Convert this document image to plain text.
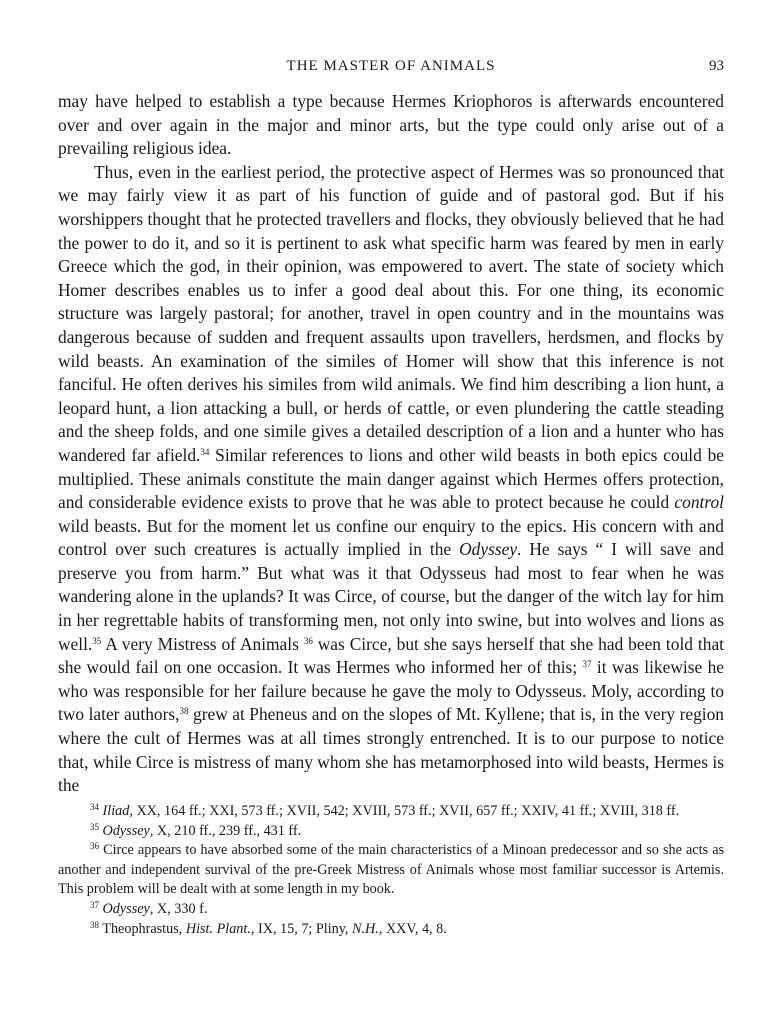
THE MASTER OF ANIMALS	93

may have helped to establish a type because Hermes Kriophoros is afterwards encountered over and over again in the major and minor arts, but the type could only arise out of a prevailing religious idea.

Thus, even in the earliest period, the protective aspect of Hermes was so pronounced that we may fairly view it as part of his function of guide and of pastoral god. But if his worshippers thought that he protected travellers and flocks, they obviously believed that he had the power to do it, and so it is pertinent to ask what specific harm was feared by men in early Greece which the god, in their opinion, was empowered to avert. The state of society which Homer describes enables us to infer a good deal about this. For one thing, its economic structure was largely pastoral; for another, travel in open country and in the mountains was dangerous because of sudden and frequent assaults upon travellers, herdsmen, and flocks by wild beasts. An examination of the similes of Homer will show that this inference is not fanciful. He often derives his similes from wild animals. We find him describing a lion hunt, a leopard hunt, a lion attacking a bull, or herds of cattle, or even plundering the cattle steading and the sheep folds, and one simile gives a detailed description of a lion and a hunter who has wandered far afield.$^{34}$ Similar references to lions and other wild beasts in both epics could be multiplied. These animals constitute the main danger against which Hermes offers protection, and considerable evidence exists to prove that he was able to protect because he could control wild beasts. But for the moment let us confine our enquiry to the epics. His concern with and control over such creatures is actually implied in the Odyssey. He says “ I will save and preserve you from harm.” But what was it that Odysseus had most to fear when he was wandering alone in the uplands? It was Circe, of course, but the danger of the witch lay for him in her regrettable habits of transforming men, not only into swine, but into wolves and lions as well.$^{35}$ A very Mistress of Animals $^{36}$ was Circe, but she says herself that she had been told that she would fail on one occasion. It was Hermes who informed her of this; $^{37}$ it was likewise he who was responsible for her failure because he gave the moly to Odysseus. Moly, according to two later authors,$^{38}$ grew at Pheneus and on the slopes of Mt. Kyllene; that is, in the very region where the cult of Hermes was at all times strongly entrenched. It is to our purpose to notice that, while Circe is mistress of many whom she has metamorphosed into wild beasts, Hermes is the

$^{34}$ Iliad, XX, 164 ff.; XXI, 573 ff.; XVII, 542; XVIII, 573 ff.; XVII, 657 ff.; XXIV, 41 ff.; XVIII, 318 ff.

$^{35}$ Odyssey, X, 210 ff., 239 ff., 431 ff.

$^{36}$ Circe appears to have absorbed some of the main characteristics of a Minoan predecessor and so she acts as another and independent survival of the pre-Greek Mistress of Animals whose most familiar successor is Artemis. This problem will be dealt with at some length in my book.

$^{37}$ Odyssey, X, 330 f.

$^{38}$ Theophrastus, Hist. Plant., IX, 15, 7; Pliny, N.H., XXV, 4, 8.
